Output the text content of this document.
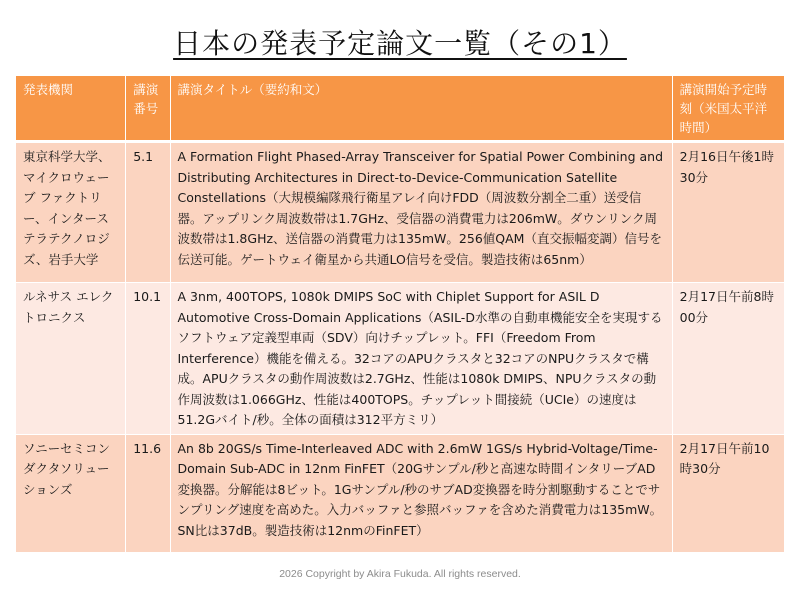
日本の発表予定論文一覧（その1）
発表機関	講演番号	講演タイトル（要約和文）	講演開始予定時刻（米国太平洋時間）
東京科学大学、マイクロウェーブ ファクトリー、インターステラテクノロジズ、岩手大学	5.1	A Formation Flight Phased-Array Transceiver for Spatial Power Combining and Distributing Architectures in Direct-to-Device-Communication Satellite Constellations（大規模編隊飛行衛星アレイ向けFDD（周波数分割全二重）送受信器。アップリンク周波数帯は1.7GHz、受信器の消費電力は206mW。ダウンリンク周波数帯は1.8GHz、送信器の消費電力は135mW。256値QAM（直交振幅変調）信号を伝送可能。ゲートウェイ衛星から共通LO信号を受信。製造技術は65nm）	2月16日午後1時30分
ルネサス エレクトロニクス	10.1	A 3nm, 400TOPS, 1080k DMIPS SoC with Chiplet Support for ASIL D Automotive Cross-Domain Applications（ASIL-D水準の自動車機能安全を実現するソフトウェア定義型車両（SDV）向けチップレット。FFI（Freedom From Interference）機能を備える。32コアのAPUクラスタと32コアのNPUクラスタで構成。APUクラスタの動作周波数は2.7GHz、性能は1080k DMIPS、NPUクラスタの動作周波数は1.066GHz、性能は400TOPS。チップレット間接続（UCIe）の速度は51.2Gバイト/秒。全体の面積は312平方ミリ）	2月17日午前8時00分
ソニーセミコンダクタソリューションズ	11.6	An 8b 20GS/s Time-Interleaved ADC with 2.6mW 1GS/s Hybrid-Voltage/Time-Domain Sub-ADC in 12nm FinFET（20Gサンプル/秒と高速な時間インタリーブAD変換器。分解能は8ビット。1Gサンプル/秒のサブAD変換器を時分割駆動することでサンプリング速度を高めた。入力バッファと参照バッファを含めた消費電力は135mW。SN比は37dB。製造技術は12nmのFinFET）	2月17日午前10時30分
2026 Copyright by Akira Fukuda. All rights reserved.
